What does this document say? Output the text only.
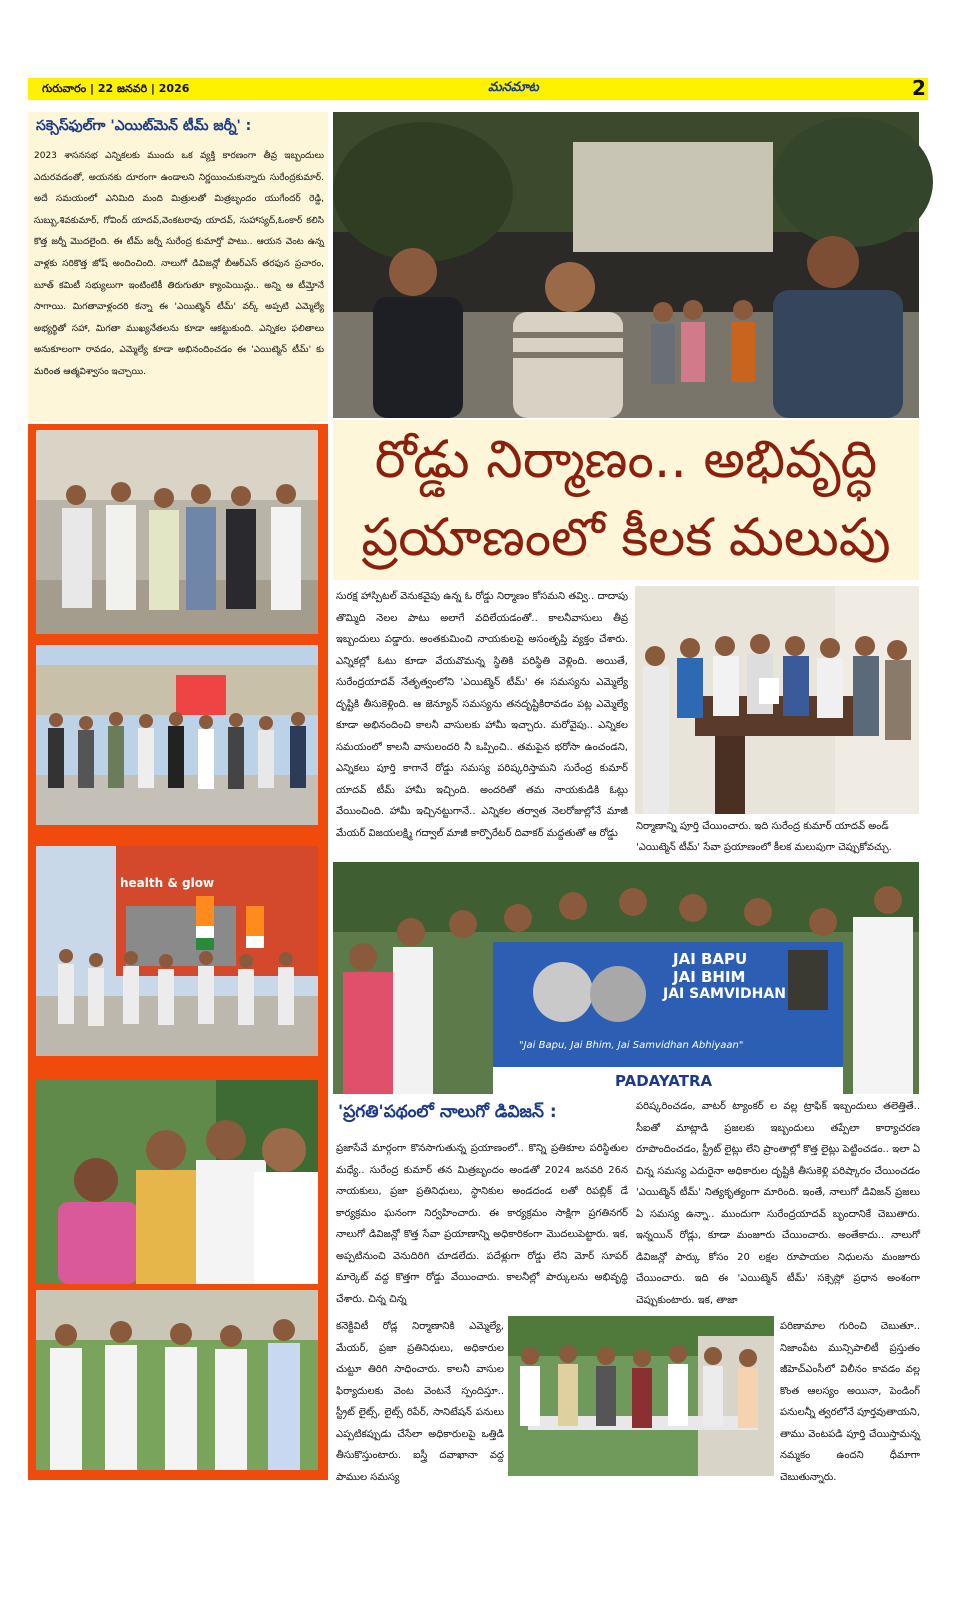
గురువారం | 22 జనవరి | 2026	మనమాట	2
సక్సెస్‌ఫుల్‌గా 'ఎయిట్‌మెన్ టీమ్ జర్నీ' :
2023 శాసనసభ ఎన్నికలకు ముందు ఒక వ్యక్తి కారణంగా తీవ్ర ఇబ్బందులు ఎదురవడంతో, అయనకు దూరంగా ఉండాలని నిర్ణయించుకున్నారు సురేంద్రకుమార్. అదే సమయంలో ఎనిమిది మంది మిత్రులతో మిత్రబృందం యుగేందర్ రెడ్డి, సుబ్బు,శివకుమార్, గోవింద్ యాదవ్,వెంకటరావు యాదవ్, సుహాస్యద్,ఓంకార్ కలిసి కొత్త జర్నీ మొదలైంది. ఈ టీమ్ జర్నీ సురేంద్ర కుమార్తో పాటు.. ఆయన వెంట ఉన్న వాళ్లకు సరికొత్త జోష్ అందించింది. నాలుగో డివిజన్లో బీఆర్ఎస్ తరఫున ప్రచారం, బూత్ కమిటీ సభ్యులుగా ఇంటింటికీ తిరుగుతూ క్యాంపెయిన్లు.. అన్ని ఆ టీమ్తోనే సాగాయి. మిగతావాళ్లందరి కన్నా ఈ 'ఎయిట్మెన్ టీమ్' వర్క్ అప్పటి ఎమ్మెల్యే అభ్యర్థితో సహా, మిగతా ముఖ్యనేతలను కూడా ఆకట్టుకుంది. ఎన్నికల ఫలితాలు అనుకూలంగా రావడం, ఎమ్మెల్యే కూడా అభినందించడం ఈ 'ఎయిట్మెన్ టీమ్' కు మరింత ఆత్మవిశ్వాసం ఇచ్చాయి.
రోడ్డు నిర్మాణం.. అభివృద్ధి
ప్రయాణంలో కీలక మలుపు
health & glow
సురక్ష హాస్పిటల్ వెనుకవైపు ఉన్న ఓ రోడ్డు నిర్మాణం కోసమని తవ్వి.. దాదాపు తొమ్మిది నెలల పాటు అలాగే వదిలేయడంతో.. కాలనీవాసులు తీవ్ర ఇబ్బందులు పడ్డారు. అంతకుమించి నాయకులపై అసంతృప్తి వ్యక్తం చేశారు. ఎన్నికల్లో ఓటు కూడా వేయవొమన్న స్థితికి పరిస్థితి వెళ్లింది. అయితే, సురేంద్రయాదవ్ నేతృత్వంలోని 'ఎయిట్మెన్ టీమ్' ఈ సమస్యను ఎమ్మెల్యే దృష్టికి తీసుకెళ్లింది. ఆ జెన్యూన్ సమస్యను తనదృష్టికిరావడం పట్ల ఎమ్మెల్యే కూడా అభినందించి కాలనీ వాసులకు హామీ ఇచ్చారు. మరోవైపు.. ఎన్నికల సమయంలో కాలనీ వాసులందరి నీ ఒప్పించి.. తమపైన భరోసా ఉంచండని, ఎన్నికలు పూర్తి కాగానే రోడ్డు సమస్య పరిష్కరిస్తామని సురేంద్ర కుమార్ యాదవ్ టీమ్ హామీ ఇచ్చింది. అందరితో తమ నాయకుడికి ఓట్లు వేయించింది. హామీ ఇచ్చినట్టుగానే.. ఎన్నికల తర్వాత నెలరోజుల్లోనే మాజీ మేయర్ విజయలక్ష్మి గద్వాల్ మాజీ కార్పొరేటర్ దివాకర్ మద్దతుతో ఆ రోడ్డు
నిర్మాణాన్ని పూర్తి చేయించారు. ఇది సురేంద్ర కుమార్ యాదవ్ అండ్ 'ఎయిట్మెన్ టీమ్' సేవా ప్రయాణంలో కీలక మలుపుగా చెప్పుకోవచ్చు.
JAI BAPU
JAI BHIM
JAI SAMVIDHAN
"Jai Bapu, Jai Bhim, Jai Samvidhan Abhiyaan"
PADAYATRA
'ప్రగతి'పథంలో నాలుగో డివిజన్ :
ప్రజాసేవే మార్గంగా కొనసాగుతున్న ప్రయాణంలో.. కొన్ని ప్రతికూల పరిస్థితుల మధ్యే.. సురేంద్ర కుమార్ తన మిత్రబృందం అండతో 2024 జనవరి 26న నాయకులు, ప్రజా ప్రతినిధులు, స్థానికుల అండదండ లతో రిపబ్లిక్ డే కార్యక్రమం ఘనంగా నిర్వహించారు. ఈ కార్యక్రమం సాక్షిగా ప్రగతినగర్ నాలుగో డివిజన్లో కొత్త సేవా ప్రయాణాన్ని అధికారికంగా మొదలుపెట్టారు. ఇక, అప్పటినుంచి వెనుదిరిగి చూడలేదు. పదేళ్లుగా రోడ్డు లేని మోర్ సూపర్ మార్కెట్ వద్ద కొత్తగా రోడ్డు వేయించారు. కాలనీల్లో పార్కులను అభివృద్ధి చేశారు. చిన్న చిన్న
కనెక్టివిటీ రోడ్ల నిర్మాణానికి ఎమ్మెల్యే, మేయర్, ప్రజా ప్రతినిధులు, అధికారుల చుట్టూ తిరిగి సాధించారు. కాలనీ వాసుల ఫిర్యాదులకు వెంట వెంటనే స్పందిస్తూ.. స్ట్రీట్ లైట్స్, లైట్స్ రిపేర్, సానిటేషన్ పనులు ఎప్పటికప్పుడు చేసేలా అధికారులపై ఒత్తిడి తీసుకొస్తుంటారు. ఐస్త్రీ దవాఖానా వద్ద పాముల సమస్య
పరిష్కరించడం, వాటర్ ట్యాంకర్ ల వల్ల ట్రాఫిక్ ఇబ్బందులు తలెత్తితే.. సీఐతో మాట్లాడి ప్రజలకు ఇబ్బందులు తప్పేలా కార్యాచరణ రూపొందించడం, స్ట్రీట్ లైట్లు లేని ప్రాంతాల్లో కొత్త లైట్లు పెట్టించడం.. ఇలా ఏ చిన్న సమస్య ఎదురైనా అధికారుల దృష్టికి తీసుకెళ్లి పరిష్కారం చేయించడం 'ఎయిట్మెన్ టీమ్' నిత్యకృత్యంగా మారింది. ఇంతే, నాలుగో డివిజన్ ప్రజలు ఏ సమస్య ఉన్నా.. ముందుగా సురేంద్రయాదవ్ బృందానికే చెబుతారు. ఇన్నయిన్ రోడ్లు, కూడా మంజూరు చేయించారు. అంతేకాదు.. నాలుగో డివిజన్లో పార్కు కోసం 20 లక్షల రూపాయల నిధులను మంజూరు చేయించారు. ఇది ఈ 'ఎయిట్మెన్ టీమ్' సక్సెస్లో ప్రధాన అంశంగా చెప్పుకుంటారు. ఇక, తాజా
పరిణామాల గురించి చెబుతూ.. నిజాంపేట మున్సిపాలిటీ ప్రస్తుతం జీహెచ్ఎంసీలో విలీనం కావడం వల్ల కొంత ఆలస్యం అయినా, పెండింగ్ పనులన్నీ త్వరలోనే పూర్తవుతాయని, తాము వెంటపడి పూర్తి చేయిస్తామన్న నమ్మకం ఉందని ధీమాగా చెబుతున్నారు.
